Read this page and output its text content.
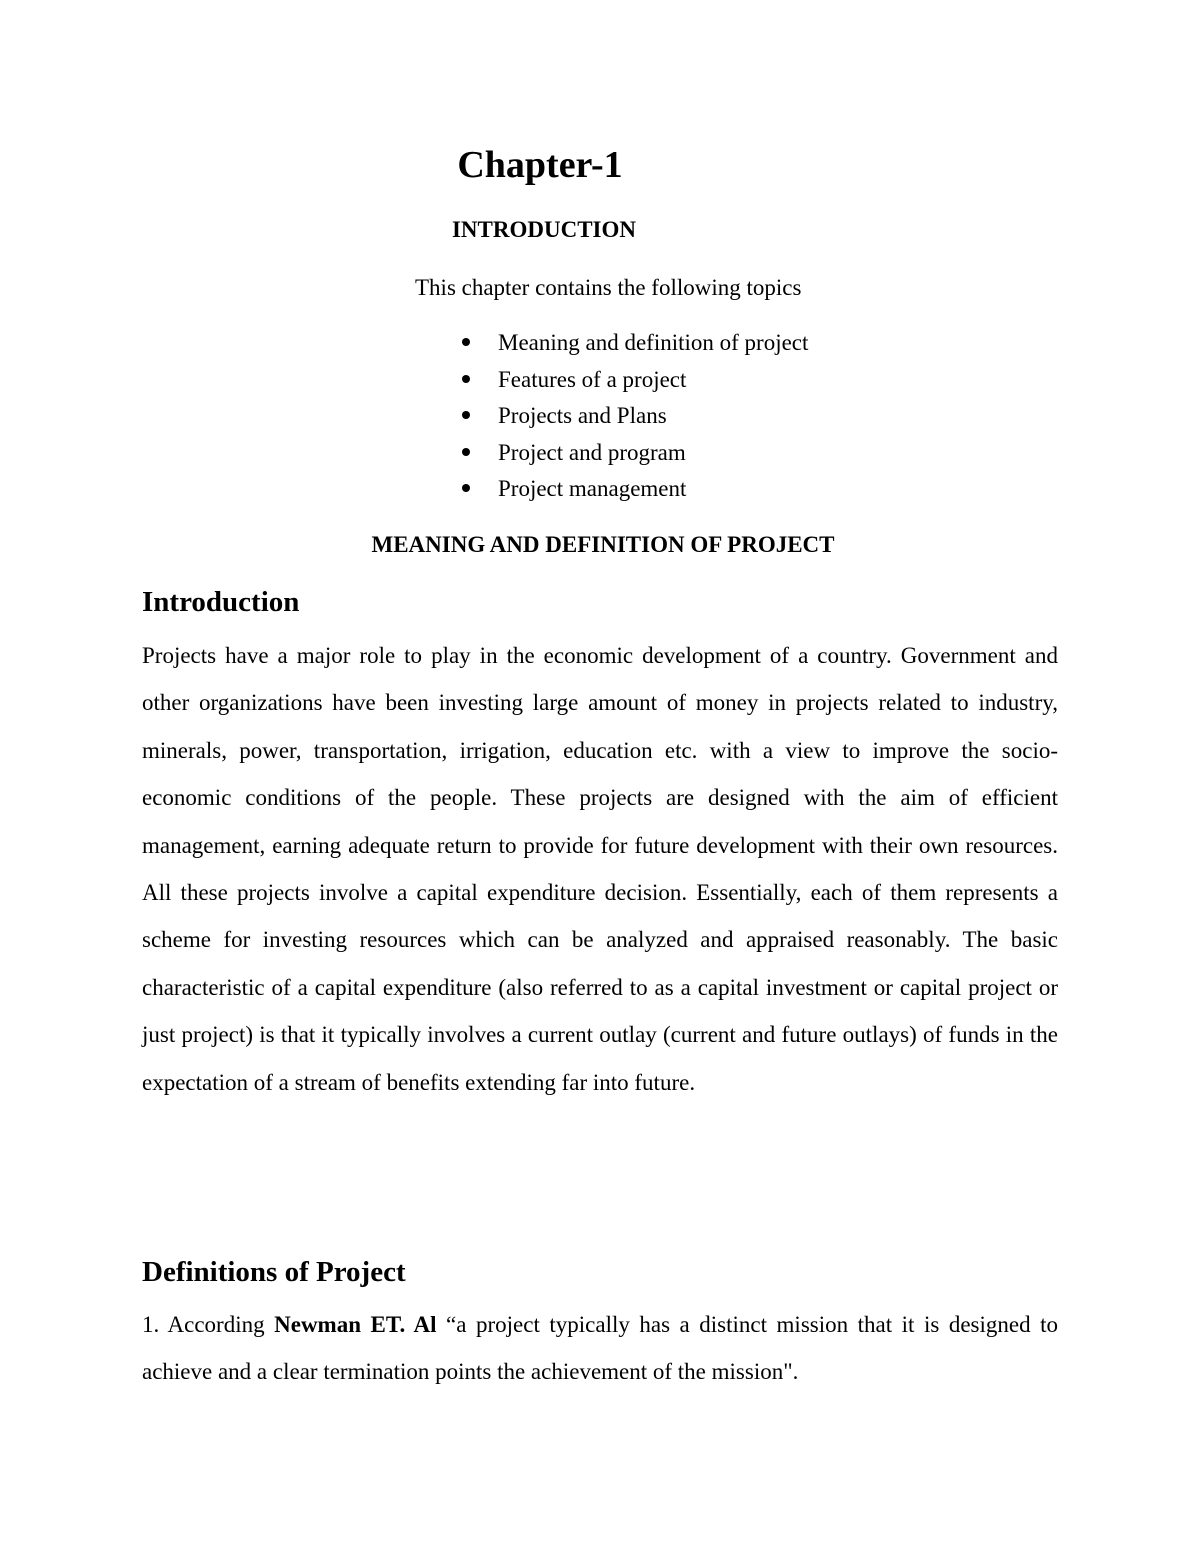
Chapter-1
INTRODUCTION

This chapter contains the following topics

Meaning and definition of project
Features of a project
Projects and Plans
Project and program
Project management
MEANING AND DEFINITION OF PROJECT
Introduction

Projects have a major role to play in the economic development of a country. Government and other organizations have been investing large amount of money in projects related to industry, minerals, power, transportation, irrigation, education etc. with a view to improve the socio-economic conditions of the people. These projects are designed with the aim of efficient management, earning adequate return to provide for future development with their own resources. All these projects involve a capital expenditure decision. Essentially, each of them represents a scheme for investing resources which can be analyzed and appraised reasonably. The basic characteristic of a capital expenditure (also referred to as a capital investment or capital project or just project) is that it typically involves a current outlay (current and future outlays) of funds in the expectation of a stream of benefits extending far into future.

Definitions of Project

1. According Newman ET. Al “a project typically has a distinct mission that it is designed to achieve and a clear termination points the achievement of the mission".
